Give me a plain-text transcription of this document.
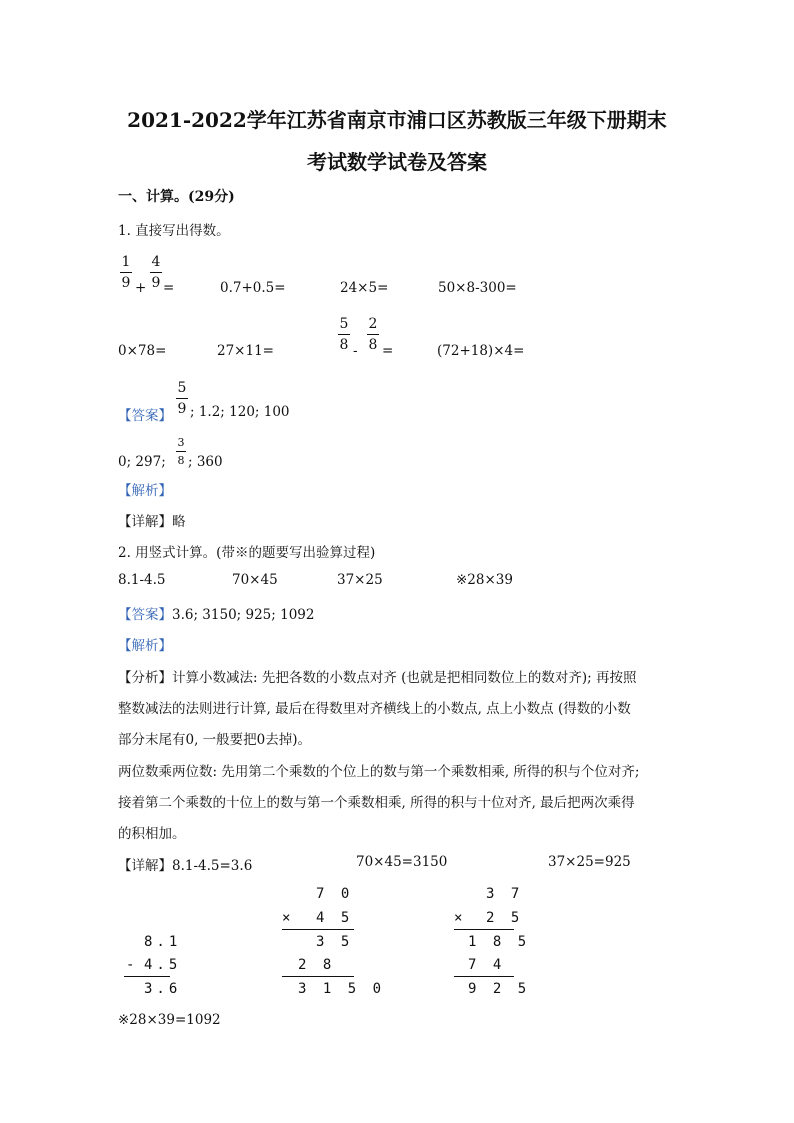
2021-2022学年江苏省南京市浦口区苏教版三年级下册期末
考试数学试卷及答案
一、计算。(29分)
1. 直接写出得数。
1
9 +
4
9 =	0.7+0.5=	24×5=	50×8-300=
0×78=	27×11=
5
8 -
2
8 =	(72+18)×4=
【答案】
5
9 ; 1.2; 120; 100
0; 297;
3
8 ; 360
【解析】
【详解】略
2. 用竖式计算。(带※的题要写出验算过程)
8.1-4.5	70×45	37×25	※28×39
【答案】3.6; 3150; 925; 1092
【解析】
【分析】计算小数减法: 先把各数的小数点对齐 (也就是把相同数位上的数对齐); 再按照
整数减法的法则进行计算, 最后在得数里对齐横线上的小数点, 点上小数点 (得数的小数
部分末尾有0, 一般要把0去掉)。
两位数乘两位数: 先用第二个乘数的个位上的数与第一个乘数相乘, 所得的积与个位对齐;
接着第二个乘数的十位上的数与第一个乘数相乘, 所得的积与十位对齐, 最后把两次乘得
的积相加。
【详解】8.1-4.5=3.6	70×45=3150	37×25=925
8.1
- 4.5
3.6
7 0
× 4 5
3 5
2 8
3 1 5 0
3 7
× 2 5
1 8 5
7 4
9 2 5
※28×39=1092
